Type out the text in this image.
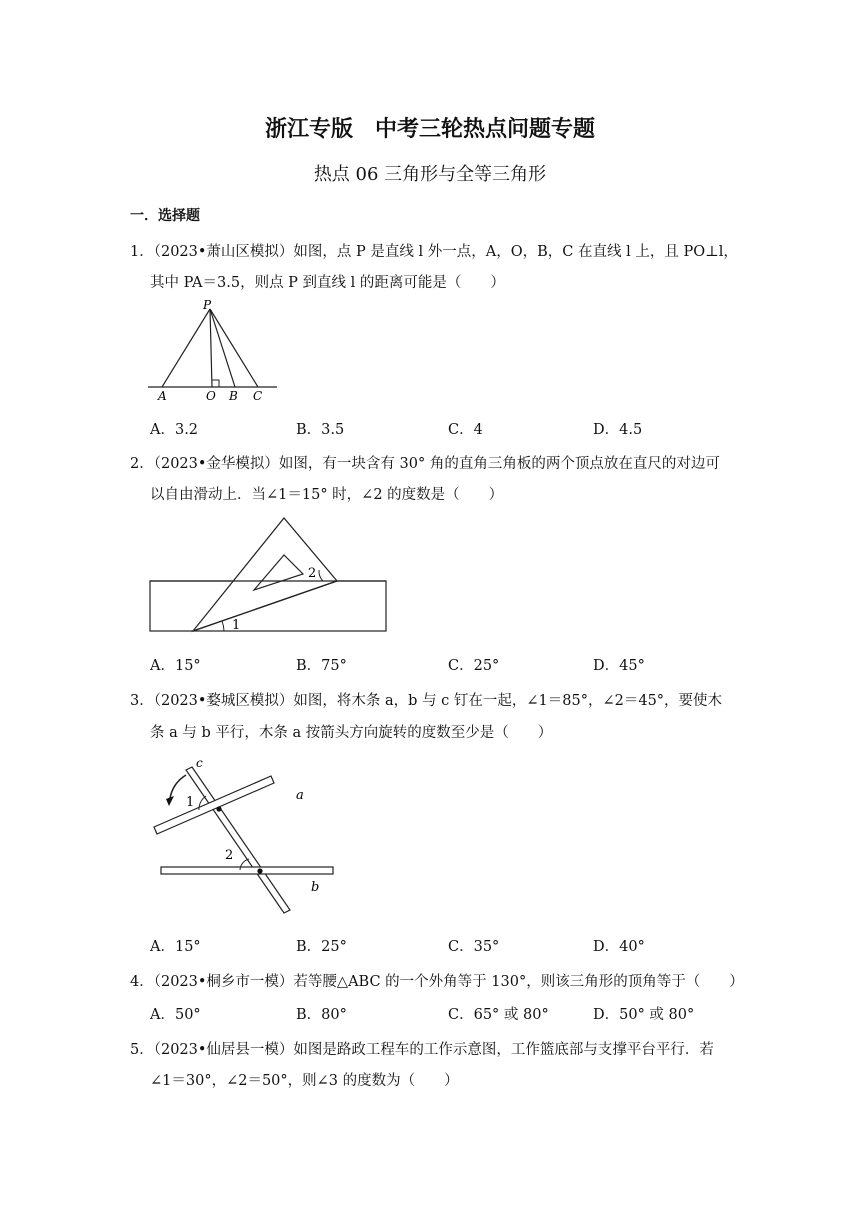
浙江专版　中考三轮热点问题专题
热点 06 三角形与全等三角形
一．选择题
1．（2023•萧山区模拟）如图，点 P 是直线 l 外一点，A，O，B，C 在直线 l 上，且 PO⊥l，
其中 PA＝3.5，则点 P 到直线 l 的距离可能是（　　）
P
A	O B C
A．3.2	B．3.5	C．4	D．4.5
2．（2023•金华模拟）如图，有一块含有 30° 角的直角三角板的两个顶点放在直尺的对边可
以自由滑动上．当∠1＝15° 时，∠2 的度数是（　　）
1
2
A．15°	B．75°	C．25°	D．45°
3．（2023•婺城区模拟）如图，将木条 a，b 与 c 钉在一起，∠1＝85°，∠2＝45°，要使木
条 a 与 b 平行，木条 a 按箭头方向旋转的度数至少是（　　）
c
a
b
1
2
A．15°	B．25°	C．35°	D．40°
4．（2023•桐乡市一模）若等腰△ABC 的一个外角等于 130°，则该三角形的顶角等于（　　）
A．50°	B．80°	C．65° 或 80°	D．50° 或 80°
5．（2023•仙居县一模）如图是路政工程车的工作示意图，工作篮底部与支撑平台平行．若
∠1＝30°，∠2＝50°，则∠3 的度数为（　　）
